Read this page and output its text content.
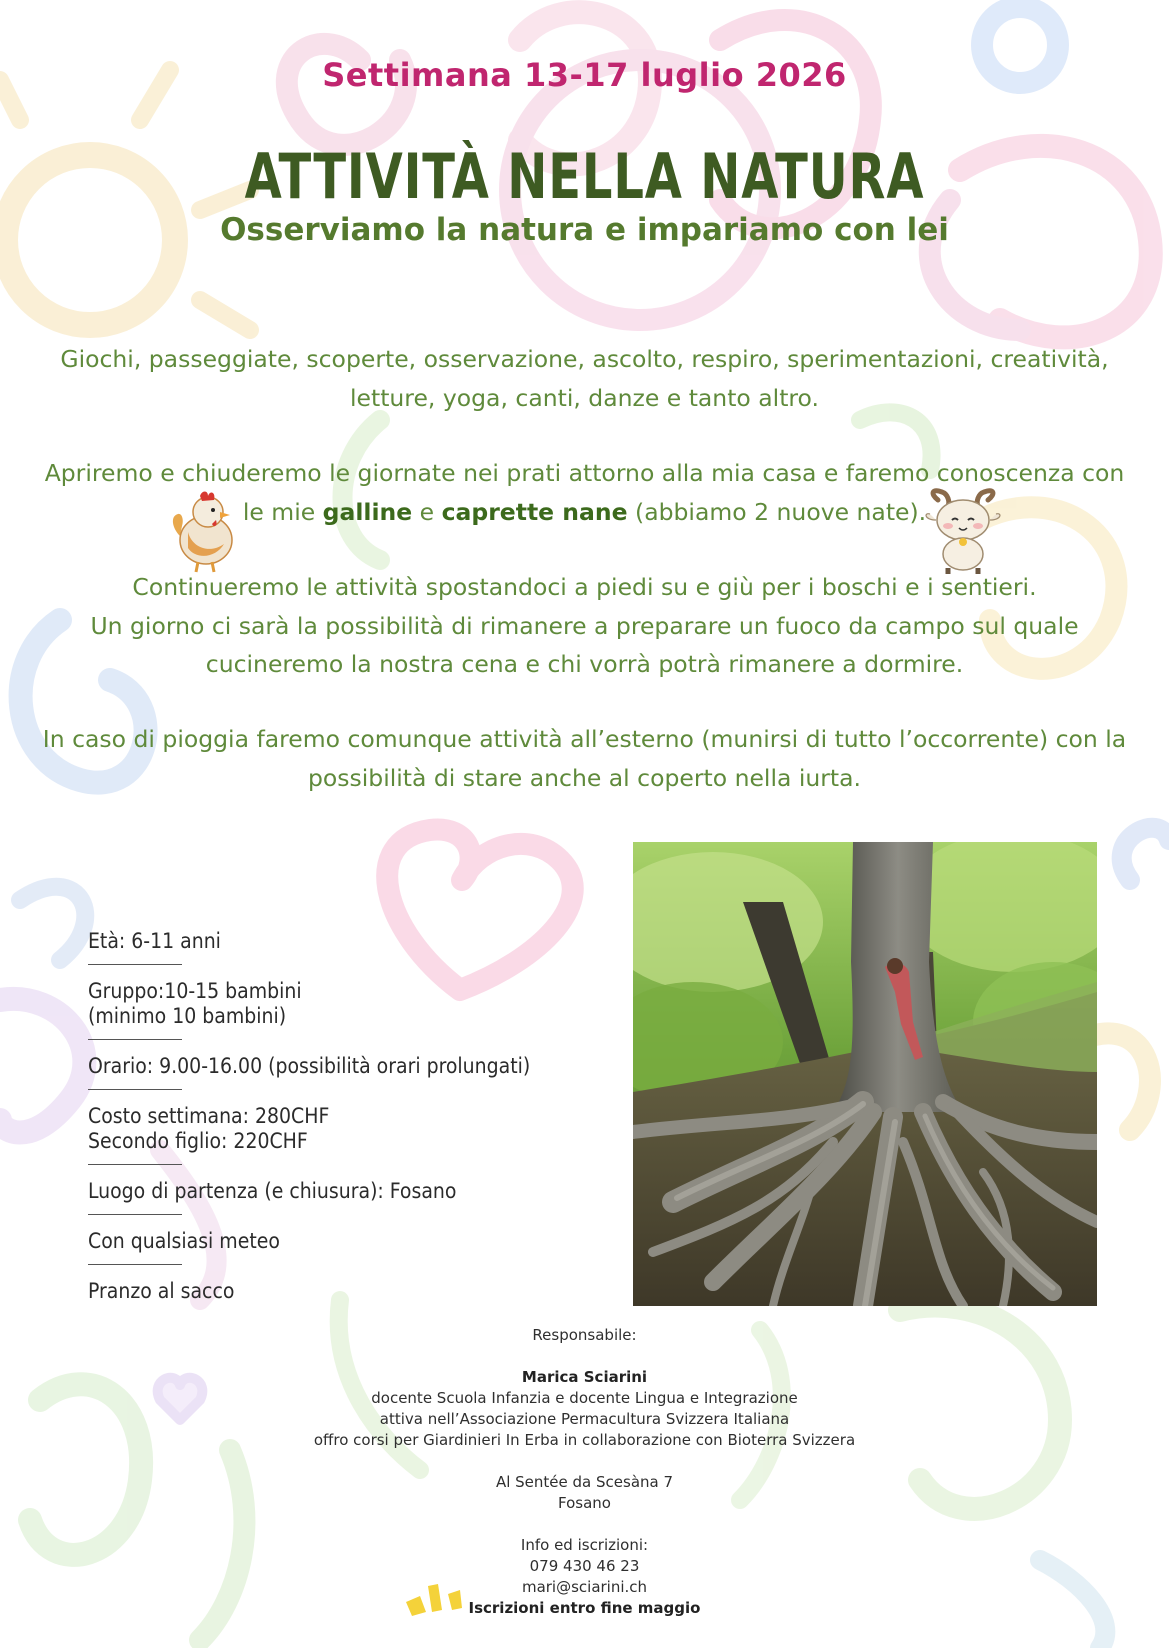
Settimana 13-17 luglio 2026
ATTIVITÀ NELLA NATURA
Osserviamo la natura e impariamo con lei
Giochi, passeggiate, scoperte, osservazione, ascolto, respiro, sperimentazioni, creatività,
letture, yoga, canti, danze e tanto altro.
Apriremo e chiuderemo le giornate nei prati attorno alla mia casa e faremo conoscenza con
le mie galline e caprette nane (abbiamo 2 nuove nate).
Continueremo le attività spostandoci a piedi su e giù per i boschi e i sentieri.
Un giorno ci sarà la possibilità di rimanere a preparare un fuoco da campo sul quale
cucineremo la nostra cena e chi vorrà potrà rimanere a dormire.
In caso di pioggia faremo comunque attività all’esterno (munirsi di tutto l’occorrente) con la
possibilità di stare anche al coperto nella iurta.
Età: 6-11 anni
Gruppo:10-15 bambini
(minimo 10 bambini)
Orario: 9.00-16.00 (possibilità orari prolungati)
Costo settimana: 280CHF
Secondo figlio: 220CHF
Luogo di partenza (e chiusura): Fosano
Con qualsiasi meteo
Pranzo al sacco
Responsabile:
Marica Sciarini
docente Scuola Infanzia e docente Lingua e Integrazione
attiva nell’Associazione Permacultura Svizzera Italiana
offro corsi per Giardinieri In Erba in collaborazione con Bioterra Svizzera
Al Sentée da Scesàna 7
Fosano
Info ed iscrizioni:
079 430 46 23
mari@sciarini.ch
Iscrizioni entro fine maggio
